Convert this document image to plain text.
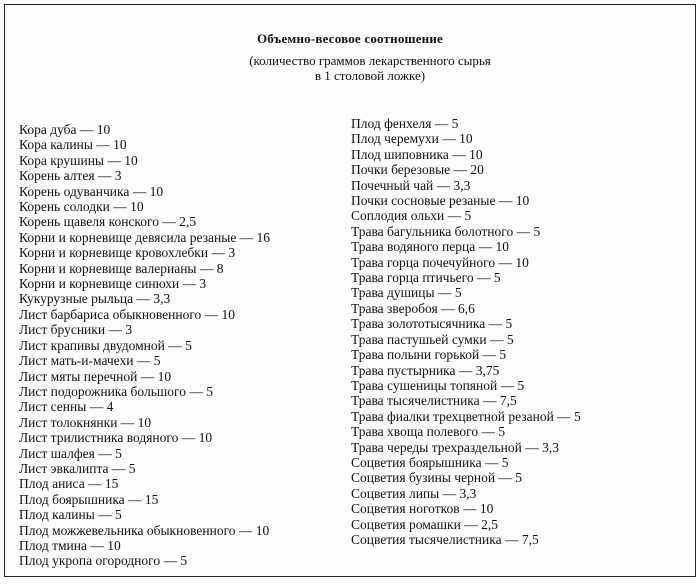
Объемно-весовое соотношение
(количество граммов лекарственного сырья
в 1 столовой ложке)
Кора дуба — 10
Кора калины — 10
Кора крушины — 10
Корень алтея — 3
Корень одуванчика — 10
Корень солодки — 10
Корень щавеля конского — 2,5
Корни и корневище девясила резаные — 16
Корни и корневище кровохлебки — 3
Корни и корневище валерианы — 8
Корни и корневище синюхи — 3
Кукурузные рыльца — 3,3
Лист барбариса обыкновенного — 10
Лист брусники — 3
Лист крапивы двудомной — 5
Лист мать-и-мачехи — 5
Лист мяты перечной — 10
Лист подорожника большого — 5
Лист сенны — 4
Лист толокнянки — 10
Лист трилистника водяного — 10
Лист шалфея — 5
Лист эвкалипта — 5
Плод аниса — 15
Плод боярышника — 15
Плод калины — 5
Плод можжевельника обыкновенного — 10
Плод тмина — 10
Плод укропа огородного — 5
Плод фенхеля — 5
Плод черемухи — 10
Плод шиповника — 10
Почки березовые — 20
Почечный чай — 3,3
Почки сосновые резаные — 10
Соплодия ольхи — 5
Трава багульника болотного — 5
Трава водяного перца — 10
Трава горца почечуйного — 10
Трава горца птичьего — 5
Трава душицы — 5
Трава зверобоя — 6,6
Трава золототысячника — 5
Трава пастушьей сумки — 5
Трава полыни горькой — 5
Трава пустырника — 3,75
Трава сушеницы топяной — 5
Трава тысячелистника — 7,5
Трава фиалки трехцветной резаной — 5
Трава хвоща полевого — 5
Трава череды трехраздельной — 3,3
Соцветия боярышника — 5
Соцветия бузины черной — 5
Соцветия липы — 3,3
Соцветия ноготков — 10
Соцветия ромашки — 2,5
Соцветия тысячелистника — 7,5
